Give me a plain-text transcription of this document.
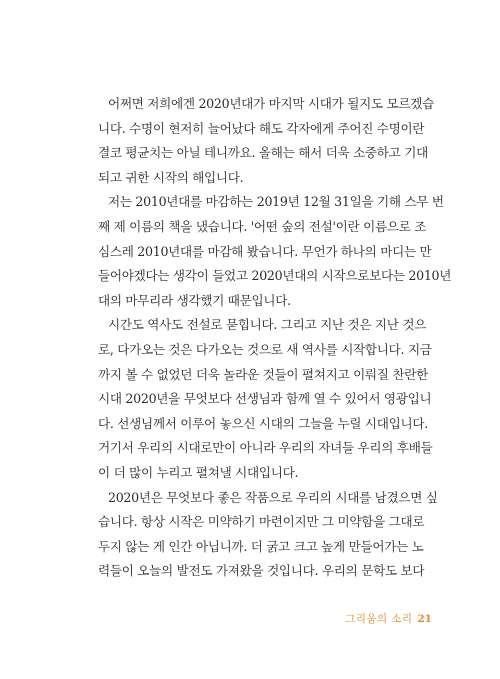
어쩌면 저희에겐 2020년대가 마지막 시대가 될지도 모르겠습
니다. 수명이 현저히 늘어났다 해도 각자에게 주어진 수명이란
결코 평균치는 아닐 테니까요. 올해는 해서 더욱 소중하고 기대
되고 귀한 시작의 해입니다.
저는 2010년대를 마감하는 2019년 12월 31일을 기해 스무 번
째 제 이름의 책을 냈습니다. '어떤 숲의 전설'이란 이름으로 조
심스레 2010년대를 마감해 봤습니다. 무언가 하나의 마디는 만
들어야겠다는 생각이 들었고 2020년대의 시작으로보다는 2010년
대의 마무리라 생각했기 때문입니다.
시간도 역사도 전설로 묻힙니다. 그리고 지난 것은 지난 것으
로, 다가오는 것은 다가오는 것으로 새 역사를 시작합니다. 지금
까지 볼 수 없었던 더욱 놀라운 것들이 펼쳐지고 이뤄질 찬란한
시대 2020년을 무엇보다 선생님과 함께 열 수 있어서 영광입니
다. 선생님께서 이루어 놓으신 시대의 그늘을 누릴 시대입니다.
거기서 우리의 시대로만이 아니라 우리의 자녀들 우리의 후배들
이 더 많이 누리고 펼쳐낼 시대입니다.
2020년은 무엇보다 좋은 작품으로 우리의 시대를 남겼으면 싶
습니다. 항상 시작은 미약하기 마련이지만 그 미약함을 그대로
두지 않는 게 인간 아닙니까. 더 굵고 크고 높게 만들어가는 노
력들이 오늘의 발전도 가져왔을 것입니다. 우리의 문학도 보다
그리움의 소리 21
